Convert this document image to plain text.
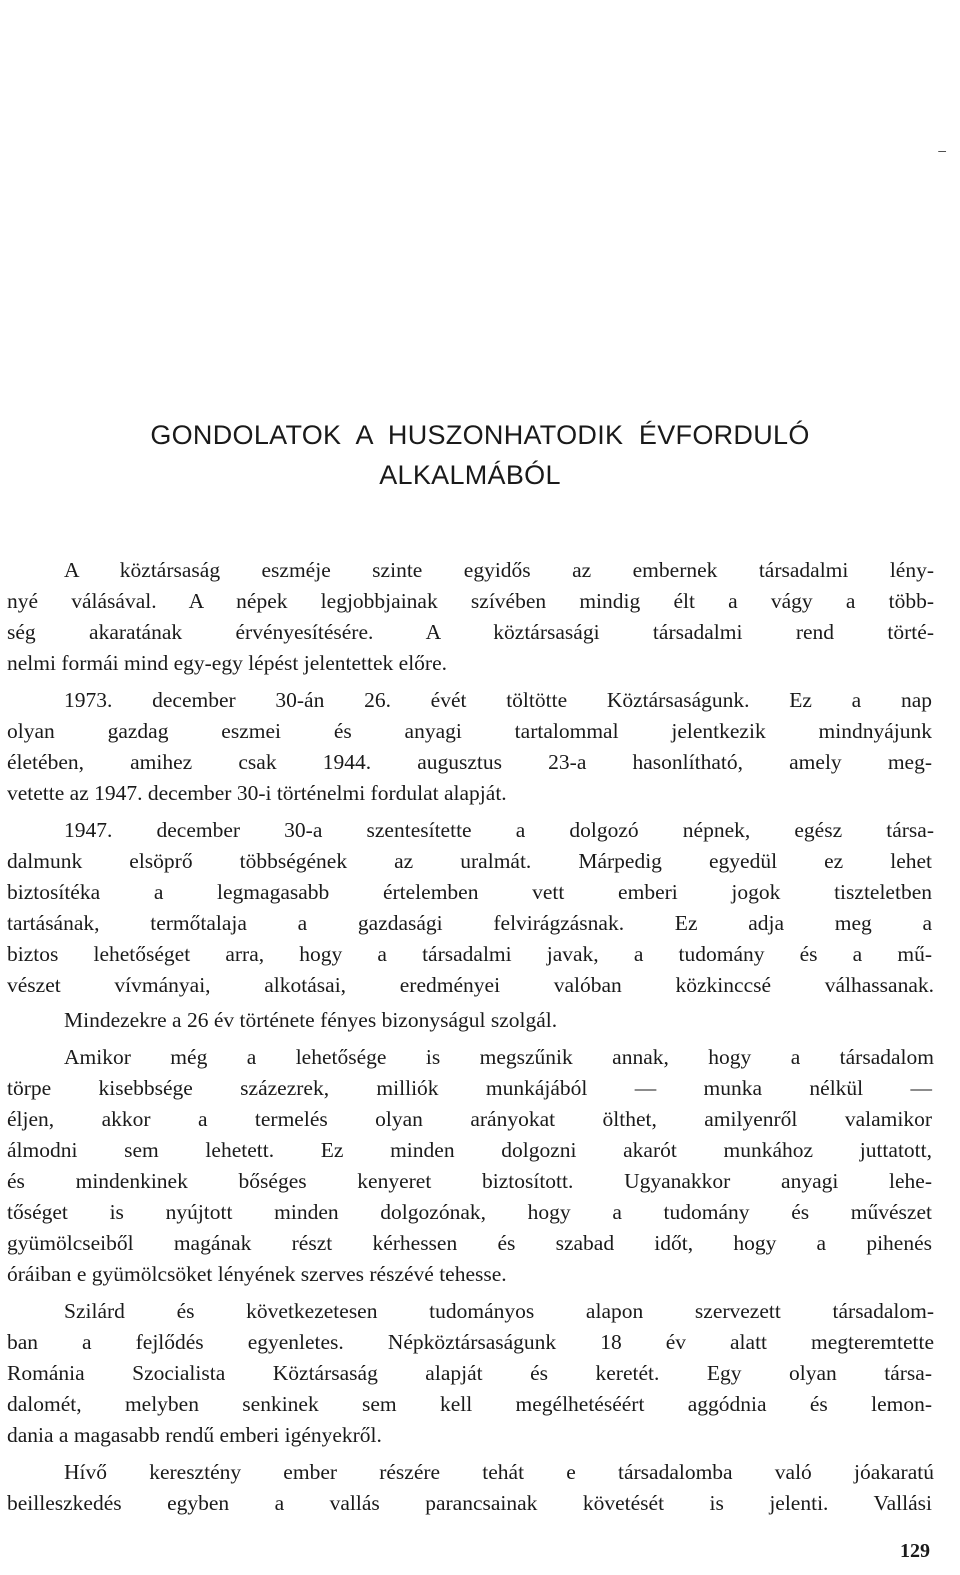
–
GONDOLATOK  A  HUSZONHATODIK  ÉVFORDULÓ
ALKALMÁBÓL
A köztársaság eszméje szinte egyidős az embernek társadalmi lény-
nyé válásával. A népek legjobbjainak szívében mindig élt a vágy a több-
ség akaratának érvényesítésére. A köztársasági társadalmi rend törté-
nelmi formái mind egy-egy lépést jelentettek előre.
1973. december 30-án 26. évét töltötte Köztársaságunk. Ez a nap
olyan gazdag eszmei és anyagi tartalommal jelentkezik mindnyájunk
életében, amihez csak 1944. augusztus 23-a hasonlítható, amely meg-
vetette az 1947. december 30-i történelmi fordulat alapját.
1947. december 30-a szentesítette a dolgozó népnek, egész társa-
dalmunk elsöprő többségének az uralmát. Márpedig egyedül ez lehet
biztosítéka a legmagasabb értelemben vett emberi jogok tiszteletben
tartásának, termőtalaja a gazdasági felvirágzásnak. Ez adja meg a
biztos lehetőséget arra, hogy a társadalmi javak, a tudomány és a mű-
vészet vívmányai, alkotásai, eredményei valóban közkinccsé válhassanak.
Mindezekre a 26 év története fényes bizonyságul szolgál.
Amikor még a lehetősége is megszűnik annak, hogy a társadalom
törpe kisebbsége százezrek, milliók munkájából — munka nélkül —
éljen, akkor a termelés olyan arányokat ölthet, amilyenről valamikor
álmodni sem lehetett. Ez minden dolgozni akarót munkához juttatott,
és mindenkinek bőséges kenyeret biztosított. Ugyanakkor anyagi lehe-
tőséget is nyújtott minden dolgozónak, hogy a tudomány és művészet
gyümölcseiből magának részt kérhessen és szabad időt, hogy a pihenés
óráiban e gyümölcsöket lényének szerves részévé tehesse.
Szilárd és következetesen tudományos alapon szervezett társadalom-
ban a fejlődés egyenletes. Népköztársaságunk 18 év alatt megteremtette
Románia Szocialista Köztársaság alapját és keretét. Egy olyan társa-
dalomét, melyben senkinek sem kell megélhetéséért aggódnia és lemon-
dania a magasabb rendű emberi igényekről.
Hívő keresztény ember részére tehát e társadalomba való jóakaratú
beilleszkedés egyben a vallás parancsainak követését is jelenti. Vallási
129
